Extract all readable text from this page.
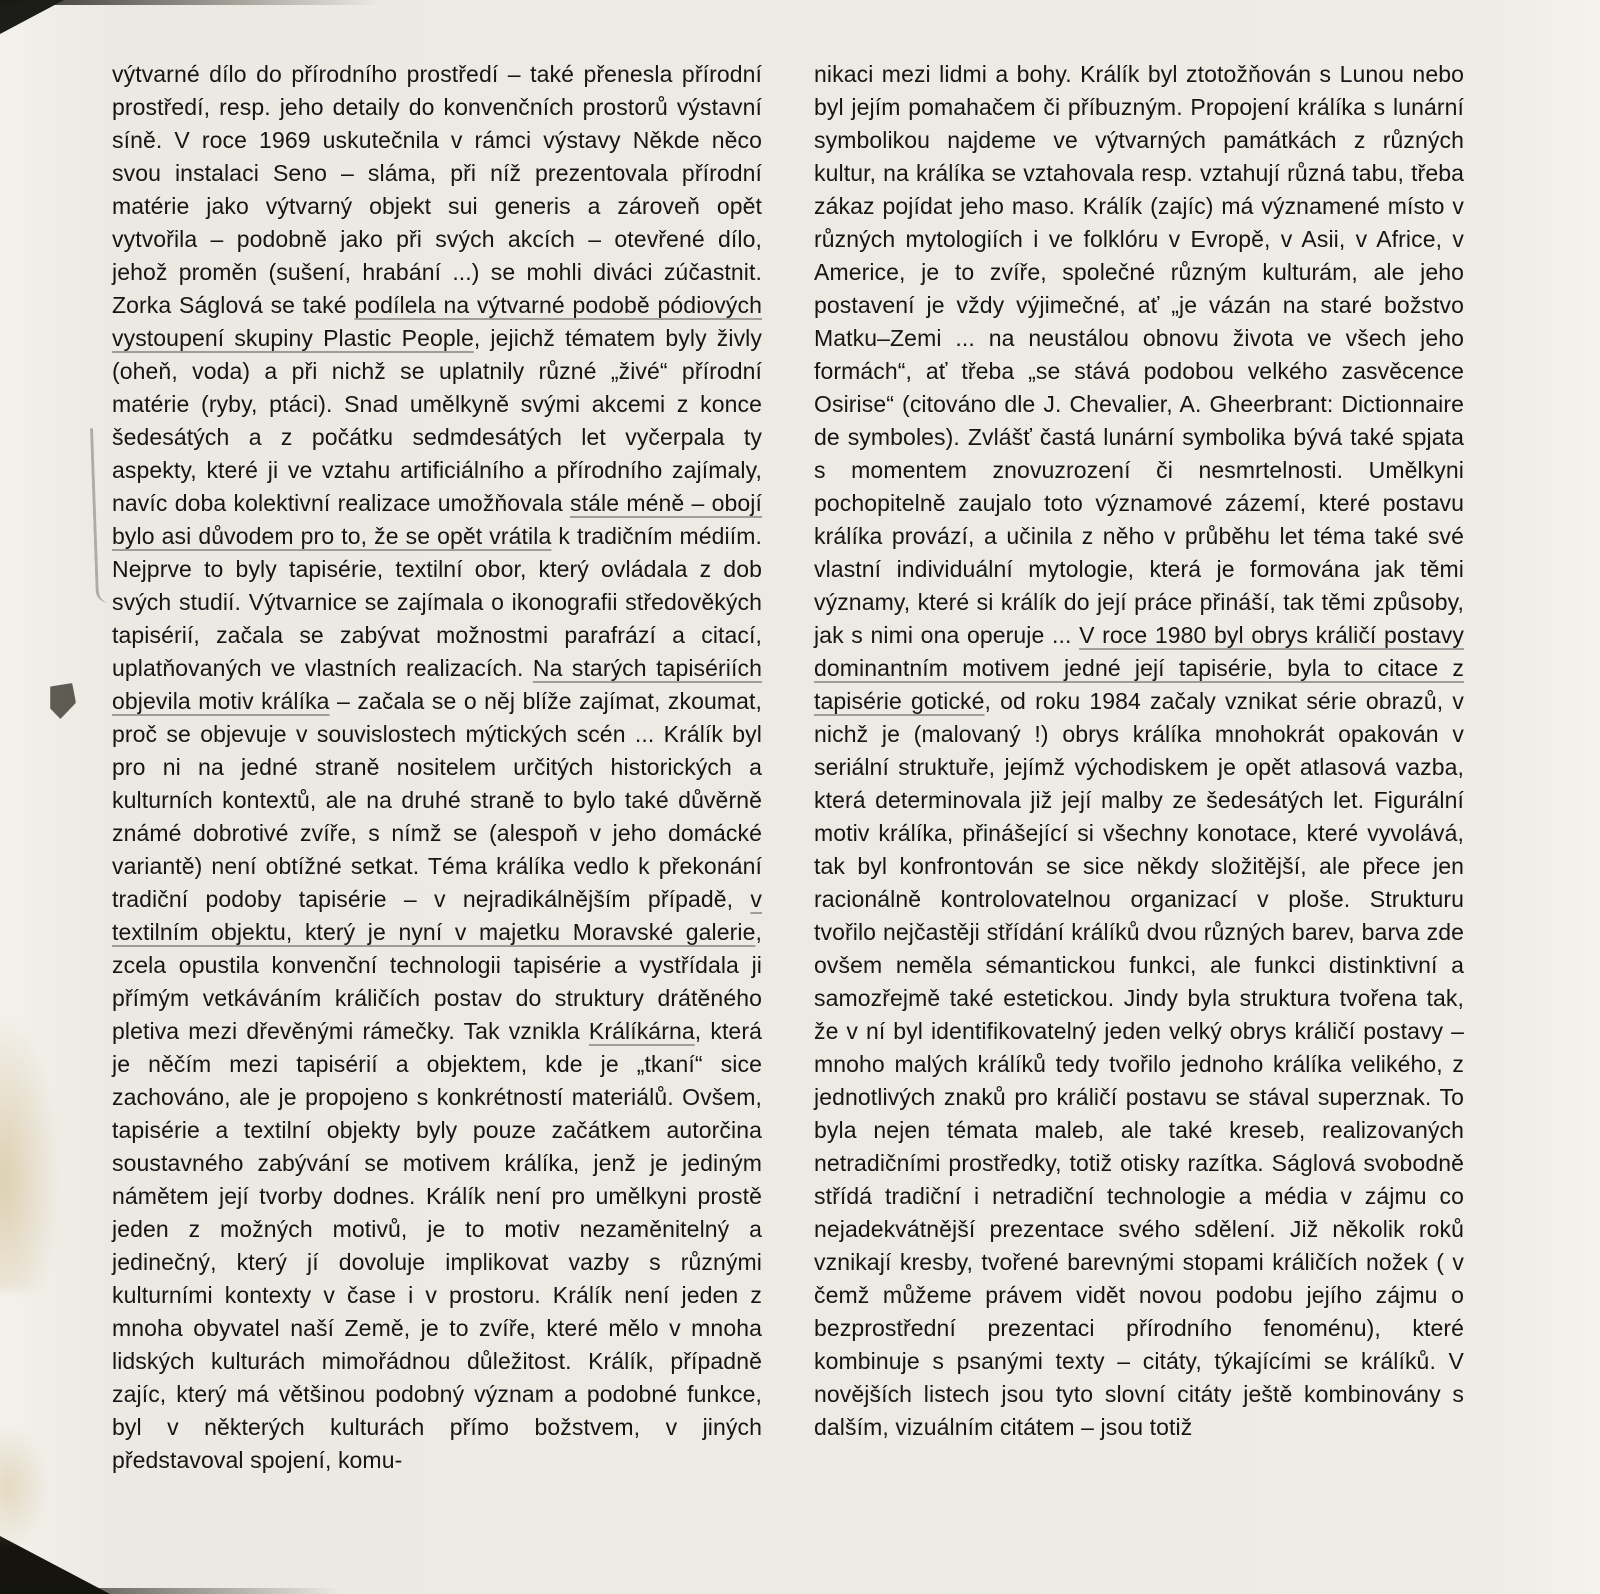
výtvarné dílo do přírodního prostředí – také přenesla přírodní prostředí, resp. jeho detaily do konvenčních prostorů výstavní síně. V roce 1969 uskutečnila v rámci výstavy Někde něco svou instalaci Seno – sláma, při níž prezentovala přírodní matérie jako výtvarný objekt sui generis a zároveň opět vytvořila – podobně jako při svých akcích – otevřené dílo, jehož proměn (sušení, hrabání ...) se mohli diváci zúčastnit. Zorka Ságlová se také podílela na výtvarné podobě pódiových vystoupení skupiny Plastic People, jejichž tématem byly živly (oheň, voda) a při nichž se uplatnily různé „živé“ přírodní matérie (ryby, ptáci). Snad umělkyně svými akcemi z konce šedesátých a z počátku sedmdesátých let vyčerpala ty aspekty, které ji ve vztahu artificiálního a přírodního zajímaly, navíc doba kolektivní realizace umožňovala stále méně – obojí bylo asi důvodem pro to, že se opět vrátila k tradičním médiím. Nejprve to byly tapisérie, textilní obor, který ovládala z dob svých studií. Výtvarnice se zajímala o ikonografii středověkých tapisérií, začala se zabývat možnostmi parafrází a citací, uplatňovaných ve vlastních realizacích. Na starých tapisériích objevila motiv králíka – začala se o něj blíže zajímat, zkoumat, proč se objevuje v souvislostech mýtických scén ... Králík byl pro ni na jedné straně nositelem určitých historických a kulturních kontextů, ale na druhé straně to bylo také důvěrně známé dobrotivé zvíře, s nímž se (alespoň v jeho domácké variantě) není obtížné setkat. Téma králíka vedlo k překonání tradiční podoby tapisérie – v nejradikálnějším případě, v textilním objektu, který je nyní v majetku Moravské galerie, zcela opustila konvenční technologii tapisérie a vystřídala ji přímým vetkáváním králičích postav do struktury drátěného pletiva mezi dřevěnými rámečky. Tak vznikla Králíkárna, která je něčím mezi tapisérií a objektem, kde je „tkaní“ sice zachováno, ale je propojeno s konkrétností materiálů. Ovšem, tapisérie a textilní objekty byly pouze začátkem autorčina soustavného zabývání se motivem králíka, jenž je jediným námětem její tvorby dodnes. Králík není pro umělkyni prostě jeden z možných motivů, je to motiv nezaměnitelný a jedinečný, který jí dovoluje implikovat vazby s různými kulturními kontexty v čase i v prostoru. Králík není jeden z mnoha obyvatel naší Země, je to zvíře, které mělo v mnoha lidských kulturách mimořádnou důležitost. Králík, případně zajíc, který má většinou podobný význam a podobné funkce, byl v některých kulturách přímo božstvem, v jiných představoval spojení, komu-
nikaci mezi lidmi a bohy. Králík byl ztotožňován s Lunou nebo byl jejím pomahačem či příbuzným. Propojení králíka s lunární symbolikou najdeme ve výtvarných památkách z různých kultur, na králíka se vztahovala resp. vztahují různá tabu, třeba zákaz pojídat jeho maso. Králík (zajíc) má významené místo v různých mytologiích i ve folklóru v Evropě, v Asii, v Africe, v Americe, je to zvíře, společné různým kulturám, ale jeho postavení je vždy výjimečné, ať „je vázán na staré božstvo Matku–Zemi ... na neustálou obnovu života ve všech jeho formách“, ať třeba „se stává podobou velkého zasvěcence Osirise“ (citováno dle J. Chevalier, A. Gheerbrant: Dictionnaire de symboles). Zvlášť častá lunární symbolika bývá také spjata s momentem znovuzrození či nesmrtelnosti. Umělkyni pochopitelně zaujalo toto významové zázemí, které postavu králíka provází, a učinila z něho v průběhu let téma také své vlastní individuální mytologie, která je formována jak těmi významy, které si králík do její práce přináší, tak těmi způsoby, jak s nimi ona operuje ... V roce 1980 byl obrys králičí postavy dominantním motivem jedné její tapisérie, byla to citace z tapisérie gotické, od roku 1984 začaly vznikat série obrazů, v nichž je (malovaný !) obrys králíka mnohokrát opakován v seriální struktuře, jejímž východiskem je opět atlasová vazba, která determinovala již její malby ze šedesátých let. Figurální motiv králíka, přinášející si všechny konotace, které vyvolává, tak byl konfrontován se sice někdy složitější, ale přece jen racionálně kontrolovatelnou organizací v ploše. Strukturu tvořilo nejčastěji střídání králíků dvou různých barev, barva zde ovšem neměla sémantickou funkci, ale funkci distinktivní a samozřejmě také estetickou. Jindy byla struktura tvořena tak, že v ní byl identifikovatelný jeden velký obrys králičí postavy – mnoho malých králíků tedy tvořilo jednoho králíka velikého, z jednotlivých znaků pro králičí postavu se stával superznak. To byla nejen témata maleb, ale také kreseb, realizovaných netradičními prostředky, totiž otisky razítka. Ságlová svobodně střídá tradiční i netradiční technologie a média v zájmu co nejadekvátnější prezentace svého sdělení. Již několik roků vznikají kresby, tvořené barevnými stopami králičích nožek ( v čemž můžeme právem vidět novou podobu jejího zájmu o bezprostřední prezentaci přírodního fenoménu), které kombinuje s psanými texty – citáty, týkajícími se králíků. V novějších listech jsou tyto slovní citáty ještě kombinovány s dalším, vizuálním citátem – jsou totiž
